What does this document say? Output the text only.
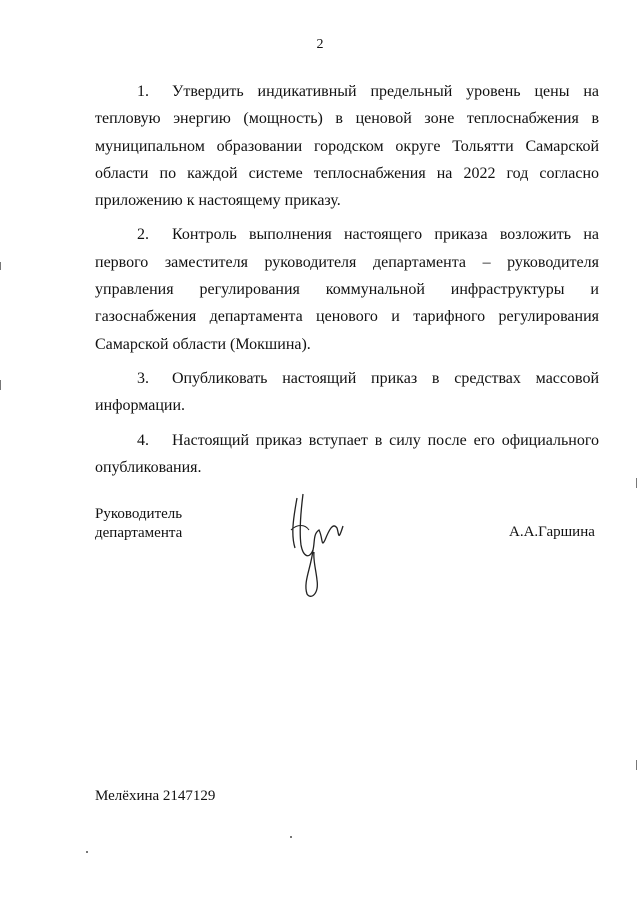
2

1. Утвердить индикативный предельный уровень цены на тепловую энергию (мощность) в ценовой зоне теплоснабжения в муниципальном образовании городском округе Тольятти Самарской области по каждой системе теплоснабжения на 2022 год согласно приложению к настоящему приказу.

2. Контроль выполнения настоящего приказа возложить на первого заместителя руководителя департамента – руководителя управления регулирования коммунальной инфраструктуры и газоснабжения департамента ценового и тарифного регулирования Самарской области (Мокшина).

3. Опубликовать настоящий приказ в средствах массовой информации.

4. Настоящий приказ вступает в силу после его официального опубликования.

Руководитель
департамента	А.А.Гаршина
Мелёхина 2147129
